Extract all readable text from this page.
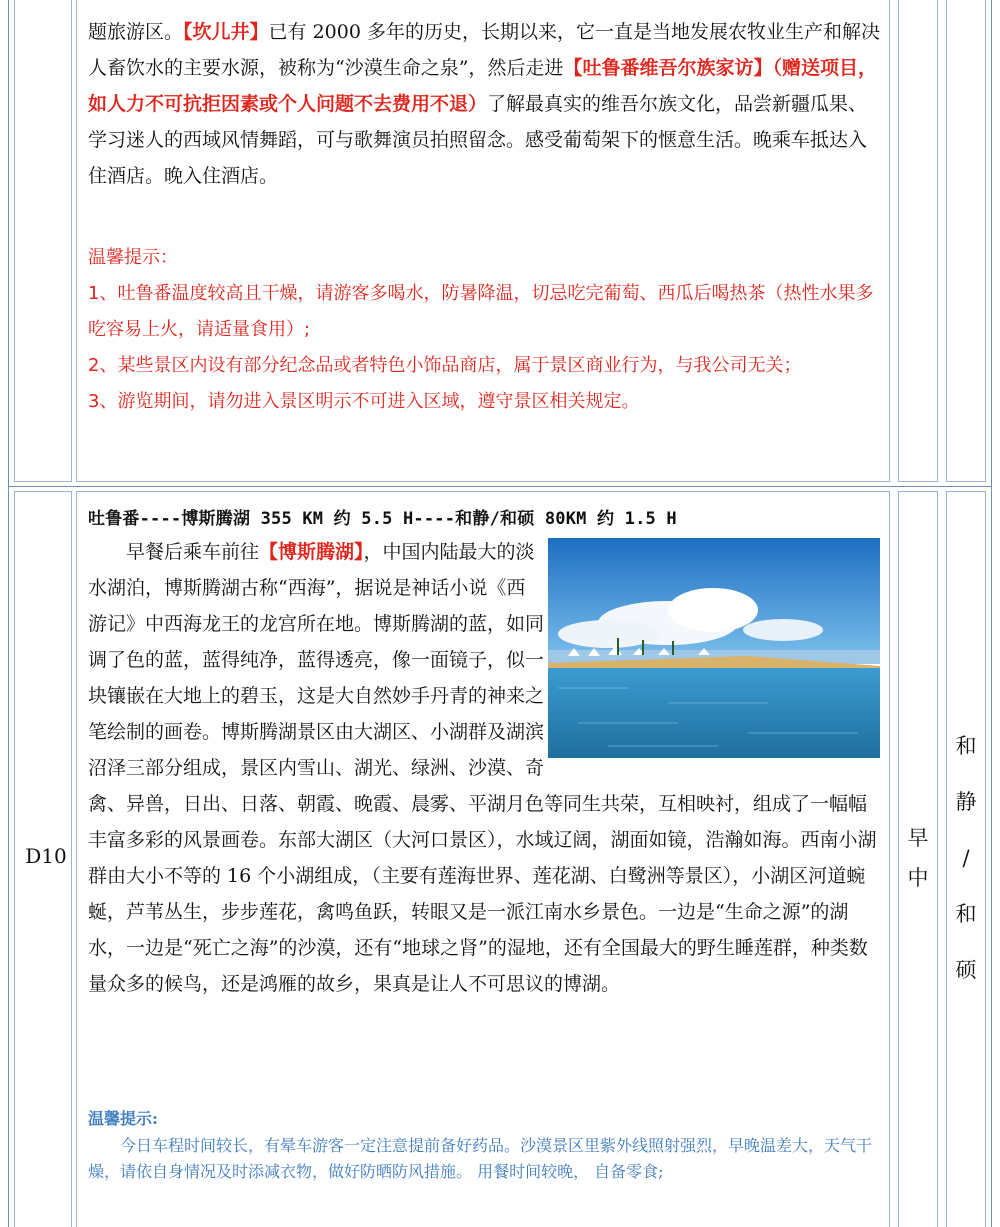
题旅游区。【坎儿井】已有 2000 多年的历史，长期以来，它一直是当地发展农牧业生产和解决人畜饮水的主要水源，被称为“沙漠生命之泉”，然后走进【吐鲁番维吾尔族家访】（赠送项目，如人力不可抗拒因素或个人问题不去费用不退）了解最真实的维吾尔族文化，品尝新疆瓜果、学习迷人的西域风情舞蹈，可与歌舞演员拍照留念。感受葡萄架下的惬意生活。晚乘车抵达入住酒店。晚入住酒店。

温馨提示：

1、吐鲁番温度较高且干燥，请游客多喝水，防暑降温，切忌吃完葡萄、西瓜后喝热茶（热性水果多吃容易上火，请适量食用）;

2、某些景区内设有部分纪念品或者特色小饰品商店，属于景区商业行为，与我公司无关；

3、游览期间，请勿进入景区明示不可进入区域，遵守景区相关规定。

D10
吐鲁番----博斯腾湖 355 KM 约 5.5 H----和静/和硕 80KM 约 1.5 H
早餐后乘车前往【博斯腾湖】，中国内陆最大的淡水湖泊，博斯腾湖古称“西海”，据说是神话小说《西游记》中西海龙王的龙宫所在地。博斯腾湖的蓝，如同调了色的蓝，蓝得纯净，蓝得透亮，像一面镜子，似一块镶嵌在大地上的碧玉，这是大自然妙手丹青的神来之笔绘制的画卷。博斯腾湖景区由大湖区、小湖群及湖滨沼泽三部分组成，景区内雪山、湖光、绿洲、沙漠、奇禽、异兽，日出、日落、朝霞、晚霞、晨雾、平湖月色等同生共荣，互相映衬，组成了一幅幅丰富多彩的风景画卷。东部大湖区（大河口景区），水域辽阔，湖面如镜，浩瀚如海。西南小湖群由大小不等的 16 个小湖组成，（主要有莲海世界、莲花湖、白鹭洲等景区），小湖区河道蜿蜒，芦苇丛生，步步莲花，禽鸣鱼跃，转眼又是一派江南水乡景色。一边是“生命之源”的湖水，一边是“死亡之海”的沙漠，还有“地球之肾”的湿地，还有全国最大的野生睡莲群，种类数量众多的候鸟，还是鸿雁的故乡，果真是让人不可思议的博湖。
温馨提示:

今日车程时间较长，有晕车游客一定注意提前备好药品。沙漠景区里紫外线照射强烈，早晚温差大，天气干燥，请依自身情况及时添减衣物，做好防晒防风措施。 用餐时间较晚， 自备零食;

早
中
和
静
/
和
硕
